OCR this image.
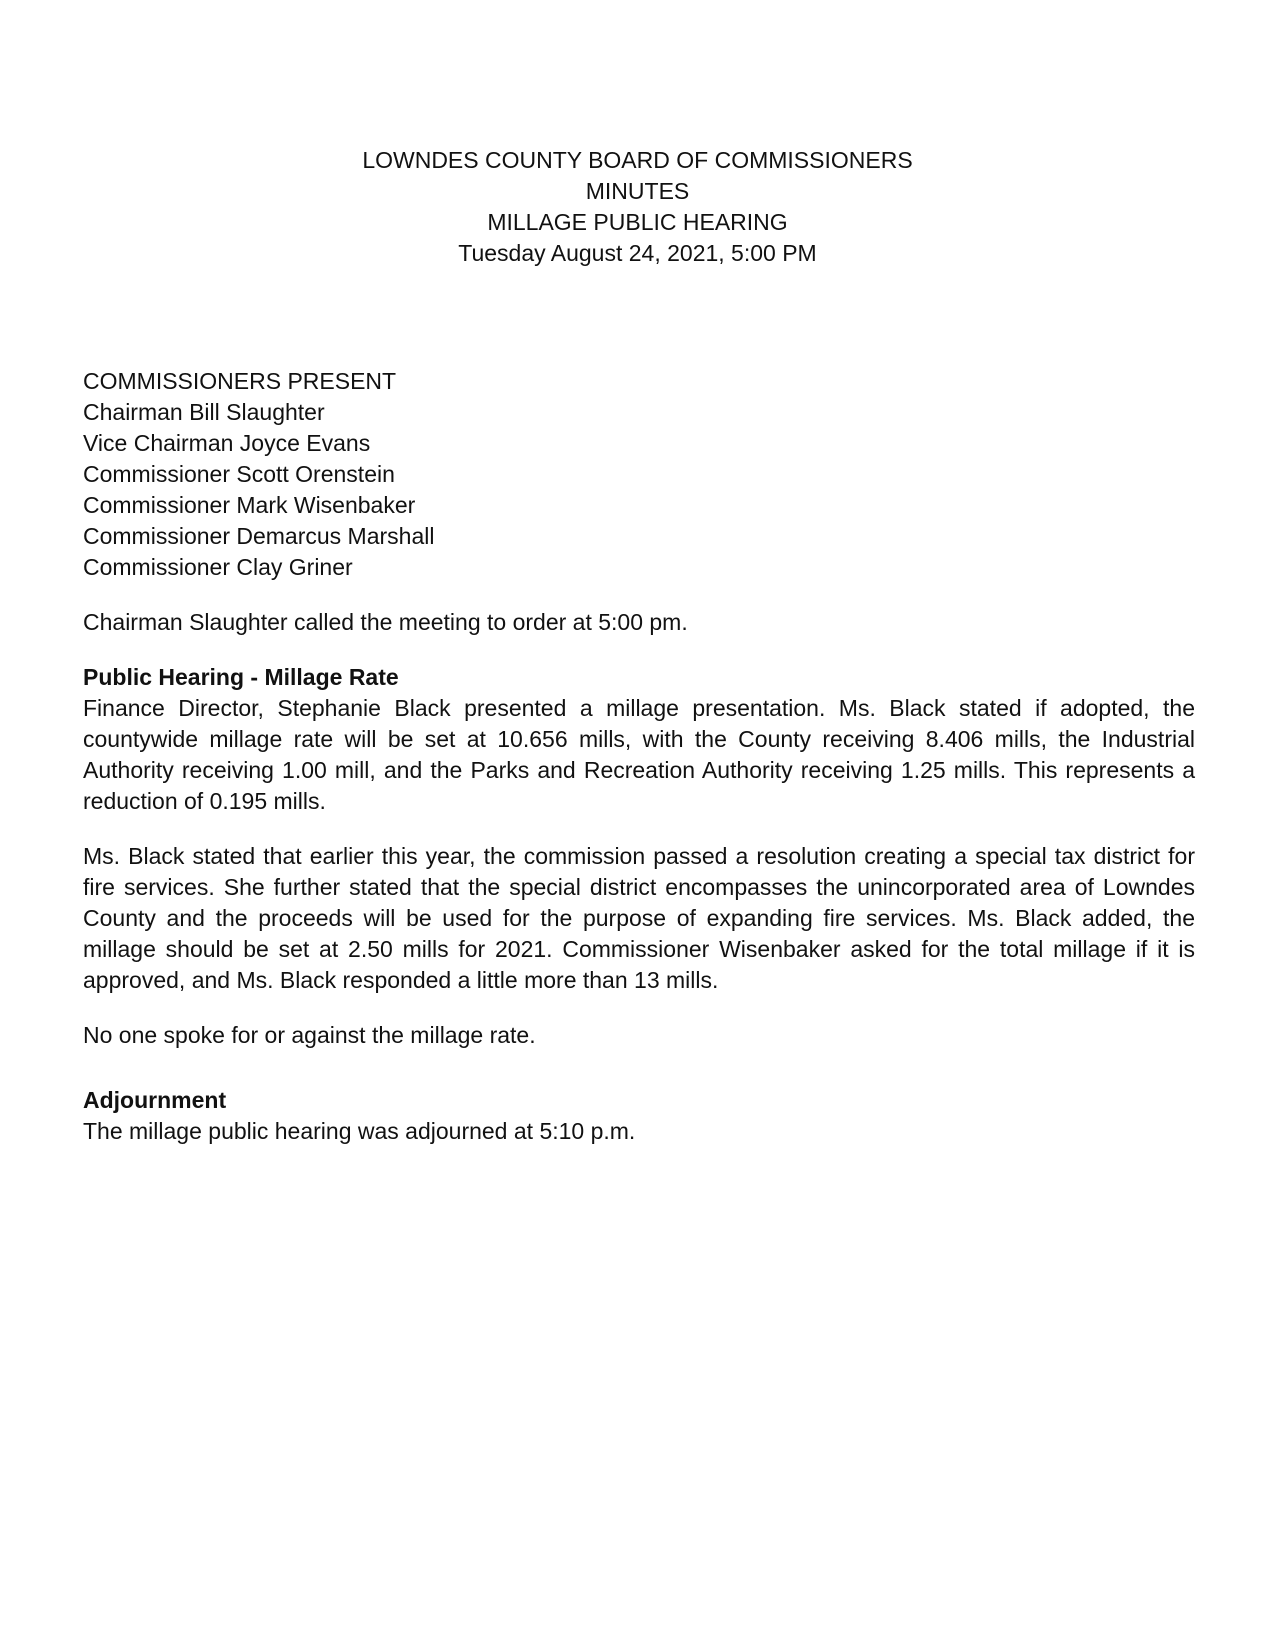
LOWNDES COUNTY BOARD OF COMMISSIONERS
MINUTES
MILLAGE PUBLIC HEARING
Tuesday August 24, 2021, 5:00 PM
COMMISSIONERS PRESENT
Chairman Bill Slaughter
Vice Chairman Joyce Evans
Commissioner Scott Orenstein
Commissioner Mark Wisenbaker
Commissioner Demarcus Marshall
Commissioner Clay Griner

Chairman Slaughter called the meeting to order at 5:00 pm.

Public Hearing - Millage Rate

Finance Director, Stephanie Black presented a millage presentation. Ms. Black stated if adopted, the countywide millage rate will be set at 10.656 mills, with the County receiving 8.406 mills, the Industrial Authority receiving 1.00 mill, and the Parks and Recreation Authority receiving 1.25 mills. This represents a reduction of 0.195 mills.

Ms. Black stated that earlier this year, the commission passed a resolution creating a special tax district for fire services. She further stated that the special district encompasses the unincorporated area of Lowndes County and the proceeds will be used for the purpose of expanding fire services. Ms. Black added, the millage should be set at 2.50 mills for 2021. Commissioner Wisenbaker asked for the total millage if it is approved, and Ms. Black responded a little more than 13 mills.

No one spoke for or against the millage rate.

Adjournment

The millage public hearing was adjourned at 5:10 p.m.
